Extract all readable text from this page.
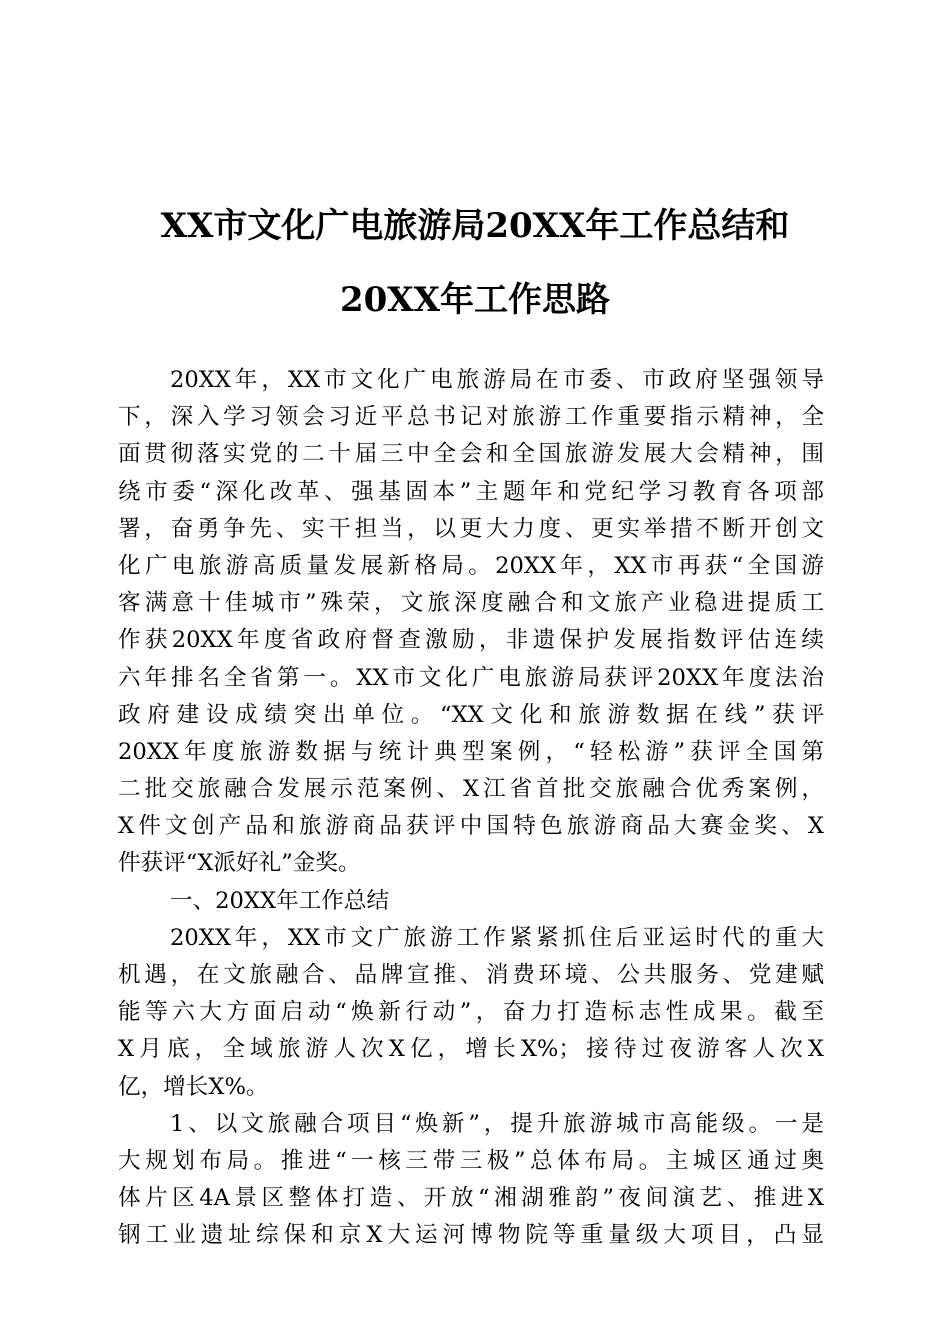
XX市文化广电旅游局20XX年工作总结和
20XX年工作思路
20XX年，XX市文化广电旅游局在市委、市政府坚强领导
下，深入学习领会习近平总书记对旅游工作重要指示精神，全
面贯彻落实党的二十届三中全会和全国旅游发展大会精神，围
绕市委“深化改革、强基固本”主题年和党纪学习教育各项部
署，奋勇争先、实干担当，以更大力度、更实举措不断开创文
化广电旅游高质量发展新格局。20XX年，XX市再获“全国游
客满意十佳城市”殊荣，文旅深度融合和文旅产业稳进提质工
作获20XX年度省政府督查激励，非遗保护发展指数评估连续
六年排名全省第一。XX市文化广电旅游局获评20XX年度法治
政府建设成绩突出单位。“XX文化和旅游数据在线”获评
20XX年度旅游数据与统计典型案例，“轻松游”获评全国第
二批交旅融合发展示范案例、X江省首批交旅融合优秀案例，
X件文创产品和旅游商品获评中国特色旅游商品大赛金奖、X
件获评“X派好礼”金奖。
一、20XX年工作总结
20XX年，XX市文广旅游工作紧紧抓住后亚运时代的重大
机遇，在文旅融合、品牌宣推、消费环境、公共服务、党建赋
能等六大方面启动“焕新行动”，奋力打造标志性成果。截至
X月底，全域旅游人次X亿，增长X%；接待过夜游客人次X
亿，增长X%。
1、以文旅融合项目“焕新”，提升旅游城市高能级。一是
大规划布局。推进“一核三带三极”总体布局。主城区通过奥
体片区4A景区整体打造、开放“湘湖雅韵”夜间演艺、推进X
钢工业遗址综保和京X大运河博物院等重量级大项目，凸显
